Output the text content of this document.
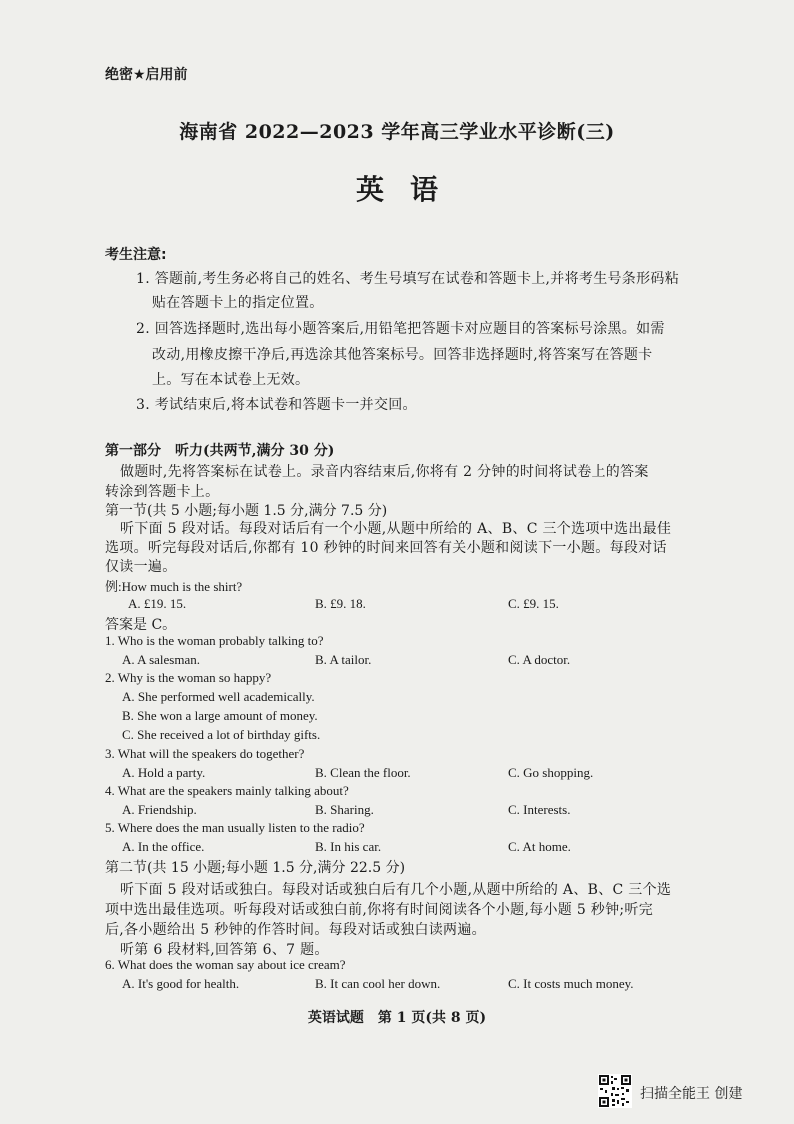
绝密★启用前
海南省 2022—2023 学年高三学业水平诊断(三)
英语
考生注意:
1. 答题前,考生务必将自己的姓名、考生号填写在试卷和答题卡上,并将考生号条形码粘
贴在答题卡上的指定位置。
2. 回答选择题时,选出每小题答案后,用铅笔把答题卡对应题目的答案标号涂黑。如需
改动,用橡皮擦干净后,再选涂其他答案标号。回答非选择题时,将答案写在答题卡
上。写在本试卷上无效。
3. 考试结束后,将本试卷和答题卡一并交回。
第一部分　听力(共两节,满分 30 分)
做题时,先将答案标在试卷上。录音内容结束后,你将有 2 分钟的时间将试卷上的答案
转涂到答题卡上。
第一节(共 5 小题;每小题 1.5 分,满分 7.5 分)
听下面 5 段对话。每段对话后有一个小题,从题中所给的 A、B、C 三个选项中选出最佳
选项。听完每段对话后,你都有 10 秒钟的时间来回答有关小题和阅读下一小题。每段对话
仅读一遍。
例:How much is the shirt?
A. £19. 15.	B. £9. 18.	C. £9. 15.
答案是 C。
1. Who is the woman probably talking to?
A. A salesman.	B. A tailor.	C. A doctor.
2. Why is the woman so happy?
A. She performed well academically.
B. She won a large amount of money.
C. She received a lot of birthday gifts.
3. What will the speakers do together?
A. Hold a party.	B. Clean the floor.	C. Go shopping.
4. What are the speakers mainly talking about?
A. Friendship.	B. Sharing.	C. Interests.
5. Where does the man usually listen to the radio?
A. In the office.	B. In his car.	C. At home.
第二节(共 15 小题;每小题 1.5 分,满分 22.5 分)
听下面 5 段对话或独白。每段对话或独白后有几个小题,从题中所给的 A、B、C 三个选
项中选出最佳选项。听每段对话或独白前,你将有时间阅读各个小题,每小题 5 秒钟;听完
后,各小题给出 5 秒钟的作答时间。每段对话或独白读两遍。
听第 6 段材料,回答第 6、7 题。
6. What does the woman say about ice cream?
A. It's good for health.	B. It can cool her down.	C. It costs much money.
英语试题　第 1 页(共 8 页)
扫描全能王 创建
